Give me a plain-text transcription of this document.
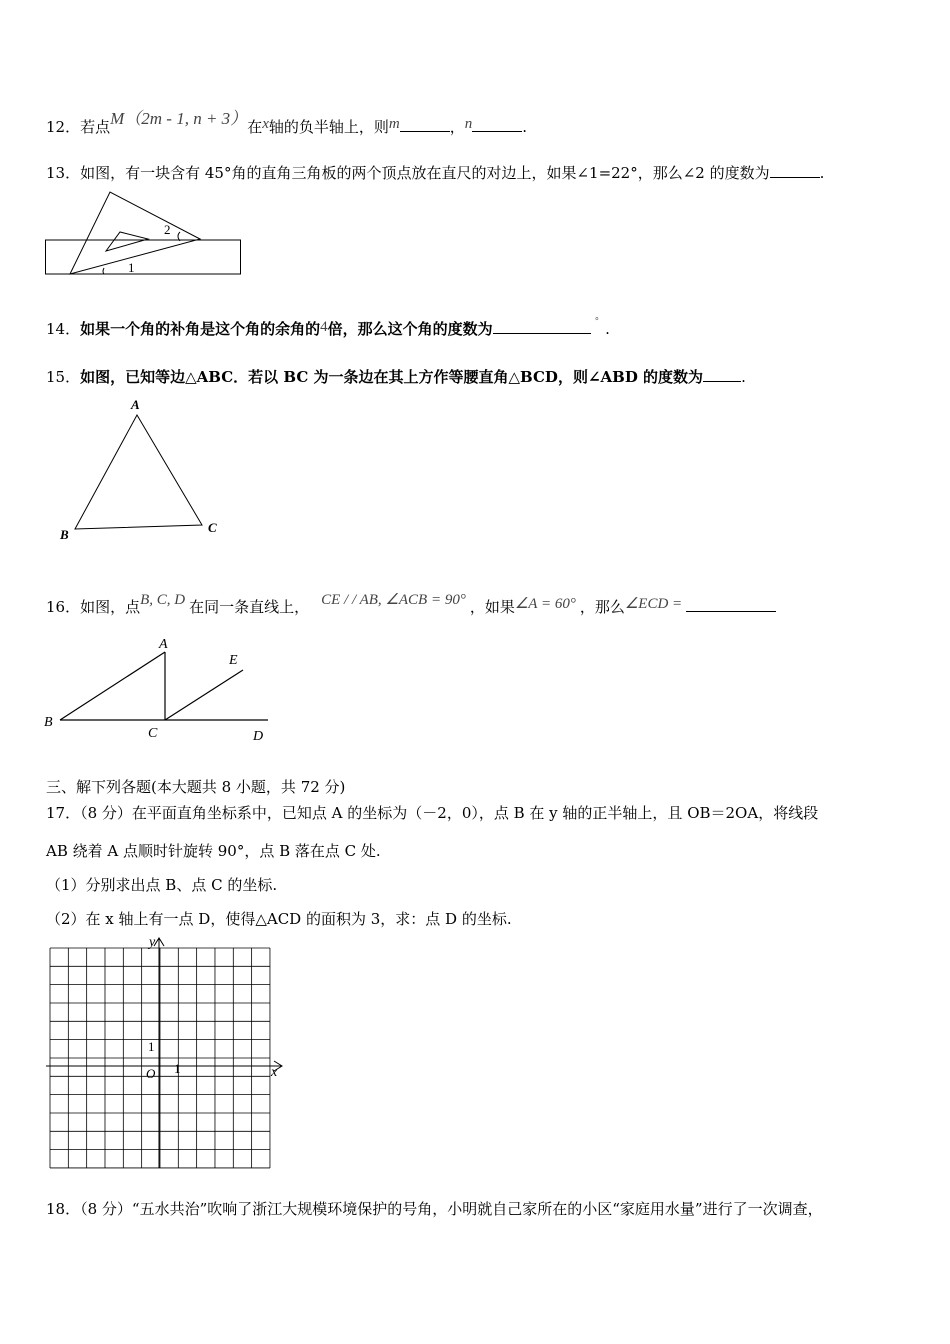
12．若点M（2m - 1, n + 3）在x轴的负半轴上，则m	，n	.
13．如图，有一块含有 45°角的直角三角板的两个顶点放在直尺的对边上，如果∠1=22°，那么∠2 的度数为	.
1
2
14．如果一个角的补角是这个角的余角的4倍，那么这个角的度数为	° .
15．如图，已知等边△ABC．若以 BC 为一条边在其上方作等腰直角△BCD，则∠ABD 的度数为	.
A
B	C
16．如图，点B, C, D 在同一条直线上， CE / / AB, ∠ACB = 90° ，如果∠A = 60° ，那么∠ECD =
A
B
C	D
E
三、解下列各题(本大题共 8 小题，共 72 分)
17．（8 分）在平面直角坐标系中，已知点 A 的坐标为（－2，0），点 B 在 y 轴的正半轴上，且 OB＝2OA，将线段
AB 绕着 A 点顺时针旋转 90°，点 B 落在点 C 处.
（1）分别求出点 B、点 C 的坐标.
（2）在 x 轴上有一点 D，使得△ACD 的面积为 3，求：点 D 的坐标.
y
x
O
1
1
18．（8 分）“五水共治”吹响了浙江大规模环境保护的号角，小明就自己家所在的小区“家庭用水量”进行了一次调查，
